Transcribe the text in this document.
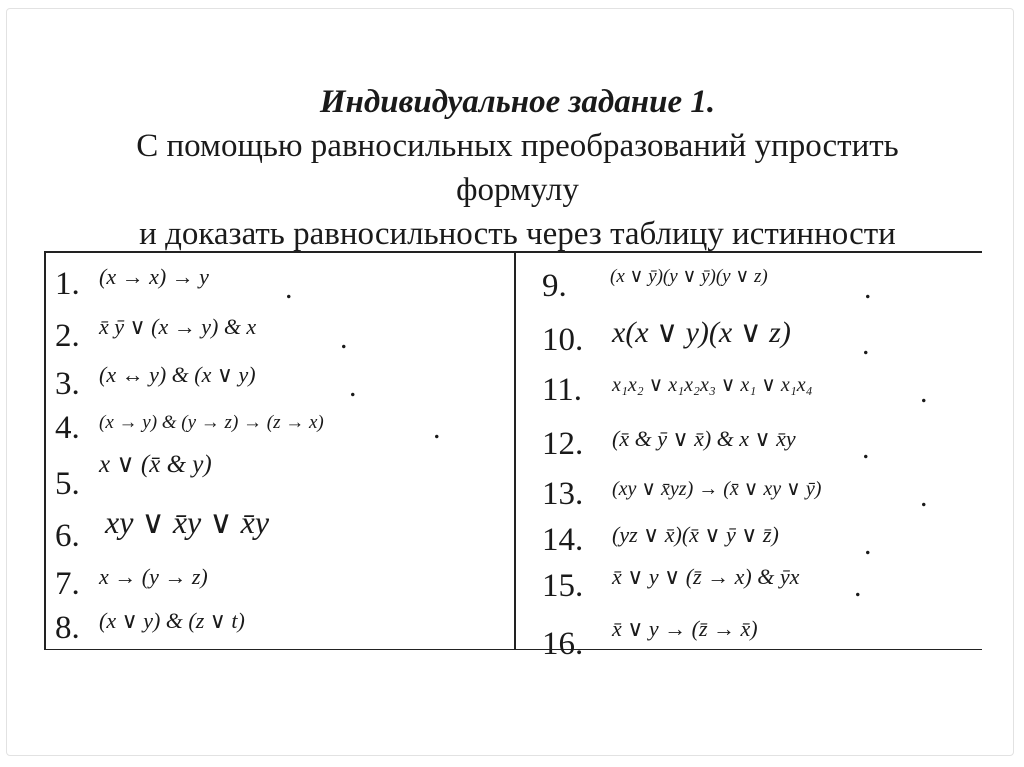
Индивидуальное задание 1.
С помощью равносильных преобразований упростить
формулу
и доказать равносильность через таблицу истинности
1. (x → x) → y	.
2. x̄ ȳ ∨ (x → y) & x	.
3. (x ↔ y) & (x ∨ y)	.
4. (x → y) & (y → z) → (z → x)	.
5.
x ∨ (x̄ & y)
6. xy ∨ x̄y ∨ x̄y
7. x → (y → z)
8. (x ∨ y) & (z ∨ t)
9. (x ∨ ȳ)(y ∨ ȳ)(y ∨ z)	.
10. x(x ∨ y)(x ∨ z) .
11. x₁x₂ ∨ x₁x₂x₃ ∨ x₁ ∨ x₁x₄	.
12. (x̄ & ȳ ∨ x̄) & x ∨ x̄y .
13. (xy ∨ x̄yz) → (x̄ ∨ xy ∨ ȳ)	.
14. (yz ∨ x̄)(x̄ ∨ ȳ ∨ z̄)	.
15. x̄ ∨ y ∨ (z̄ → x) & ȳx .
16. x̄ ∨ y → (z̄ → x̄)
